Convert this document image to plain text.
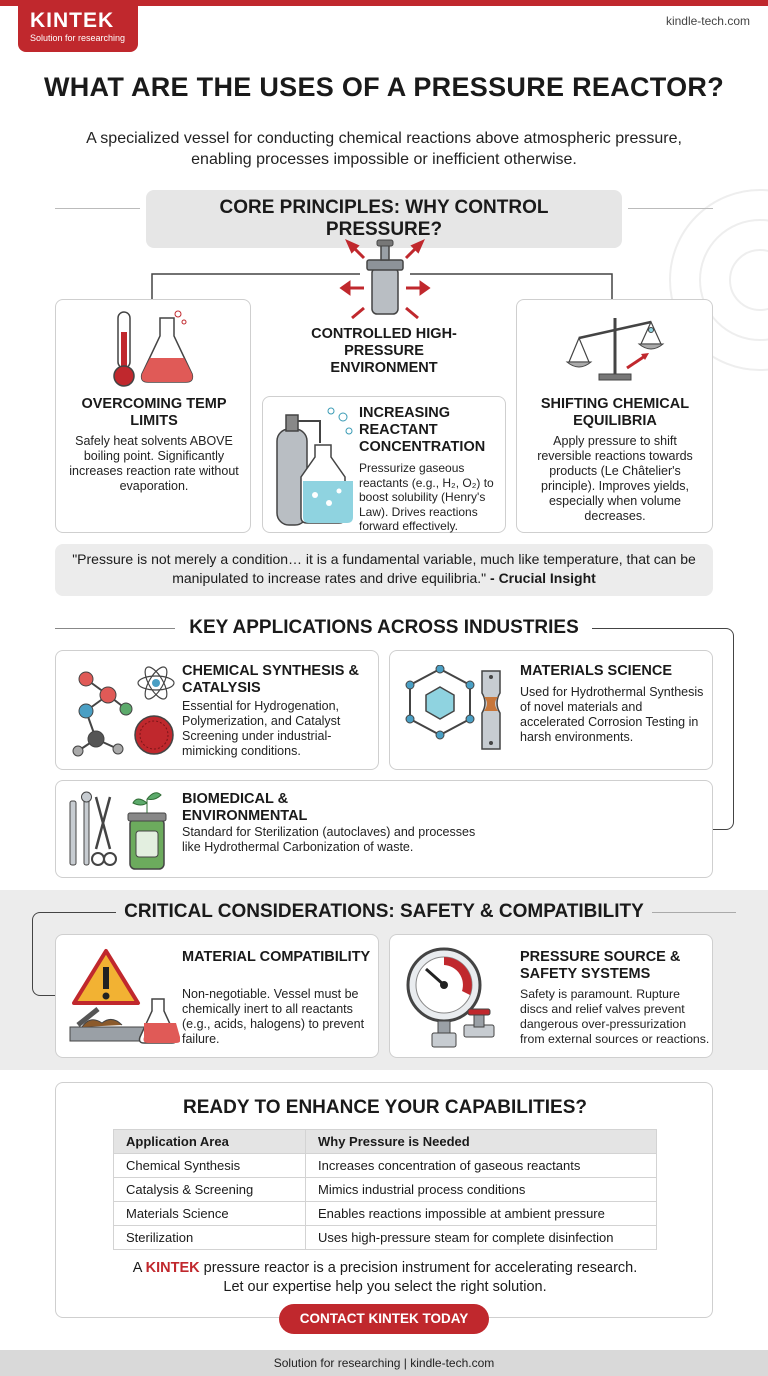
KINTEK
Solution for researching
kindle-tech.com
WHAT ARE THE USES OF A PRESSURE REACTOR?
A specialized vessel for conducting chemical reactions above atmospheric pressure, enabling processes impossible or inefficient otherwise.
CORE PRINCIPLES: WHY CONTROL PRESSURE?
CONTROLLED HIGH-PRESSURE ENVIRONMENT
OVERCOMING TEMP LIMITS
Safely heat solvents ABOVE boiling point. Significantly increases reaction rate without evaporation.
INCREASING REACTANT CONCENTRATION
Pressurize gaseous reactants (e.g., H₂, O₂) to boost solubility (Henry's Law). Drives reactions forward effectively.
SHIFTING CHEMICAL EQUILIBRIA
Apply pressure to shift reversible reactions towards products (Le Châtelier's principle). Improves yields, especially when volume decreases.
"Pressure is not merely a condition… it is a fundamental variable, much like temperature, that can be manipulated to increase rates and drive equilibria." - Crucial Insight
KEY APPLICATIONS ACROSS INDUSTRIES
CHEMICAL SYNTHESIS & CATALYSIS
Essential for Hydrogenation, Polymerization, and Catalyst Screening under industrial-mimicking conditions.
MATERIALS SCIENCE
Used for Hydrothermal Synthesis of novel materials and accelerated Corrosion Testing in harsh environments.
BIOMEDICAL & ENVIRONMENTAL
Standard for Sterilization (autoclaves) and processes like Hydrothermal Carbonization of waste.
CRITICAL CONSIDERATIONS: SAFETY & COMPATIBILITY
MATERIAL COMPATIBILITY
Non-negotiable. Vessel must be chemically inert to all reactants (e.g., acids, halogens) to prevent failure.
PRESSURE SOURCE & SAFETY SYSTEMS
Safety is paramount. Rupture discs and relief valves prevent dangerous over-pressurization from external sources or reactions.
READY TO ENHANCE YOUR CAPABILITIES?
Application Area	Why Pressure is Needed
Chemical Synthesis	Increases concentration of gaseous reactants
Catalysis & Screening	Mimics industrial process conditions
Materials Science	Enables reactions impossible at ambient pressure
Sterilization	Uses high-pressure steam for complete disinfection
A KINTEK pressure reactor is a precision instrument for accelerating research.
Let our expertise help you select the right solution.
CONTACT KINTEK TODAY
Solution for researching | kindle-tech.com
